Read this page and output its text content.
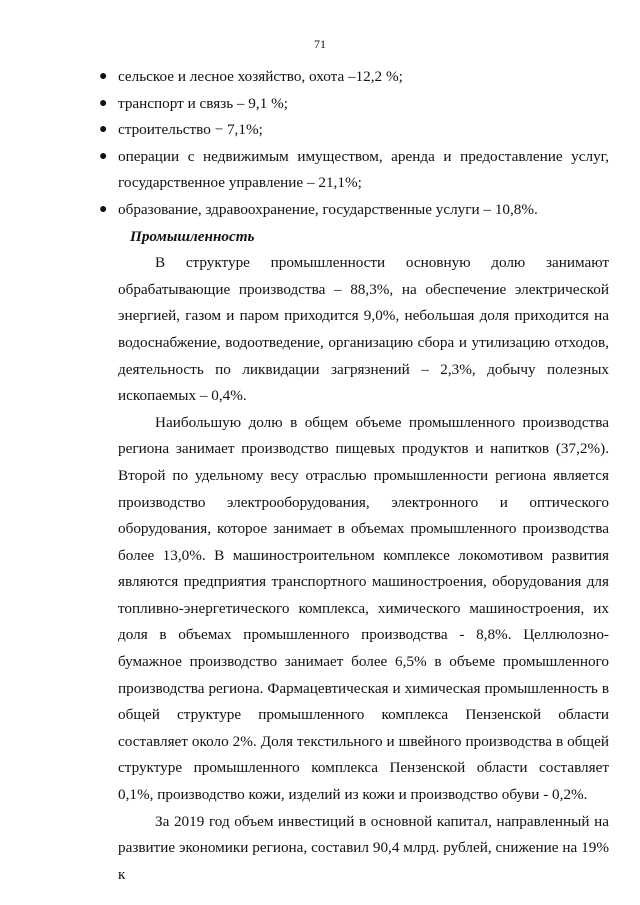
71
● сельское и лесное хозяйство, охота –12,2 %;
● транспорт и связь – 9,1 %;
● строительство − 7,1%;
● операции с недвижимым имуществом, аренда и предоставление услуг, государственное управление – 21,1%;
● образование, здравоохранение, государственные услуги – 10,8%.

Промышленность

В структуре промышленности основную долю занимают обрабатывающие производства – 88,3%, на обеспечение электрической энергией, газом и паром приходится 9,0%, небольшая доля приходится на водоснабжение, водоотведение, организацию сбора и утилизацию отходов, деятельность по ликвидации загрязнений – 2,3%, добычу полезных ископаемых – 0,4%.

Наибольшую долю в общем объеме промышленного производства региона занимает производство пищевых продуктов и напитков (37,2%). Второй по удельному весу отраслью промышленности региона является производство электрооборудования, электронного и оптического оборудования, которое занимает в объемах промышленного производства более 13,0%. В машиностроительном комплексе локомотивом развития являются предприятия транспортного машиностроения, оборудования для топливно-энергетического комплекса, химического машиностроения, их доля в объемах промышленного производства - 8,8%. Целлюлозно-бумажное производство занимает более 6,5% в объеме промышленного производства региона. Фармацевтическая и химическая промышленность в общей структуре промышленного комплекса Пензенской области составляет около 2%. Доля текстильного и швейного производства в общей структуре промышленного комплекса Пензенской области составляет 0,1%, производство кожи, изделий из кожи и производство обуви - 0,2%.

За 2019 год объем инвестиций в основной капитал, направленный на развитие экономики региона, составил 90,4 млрд. рублей, снижение на 19% к
